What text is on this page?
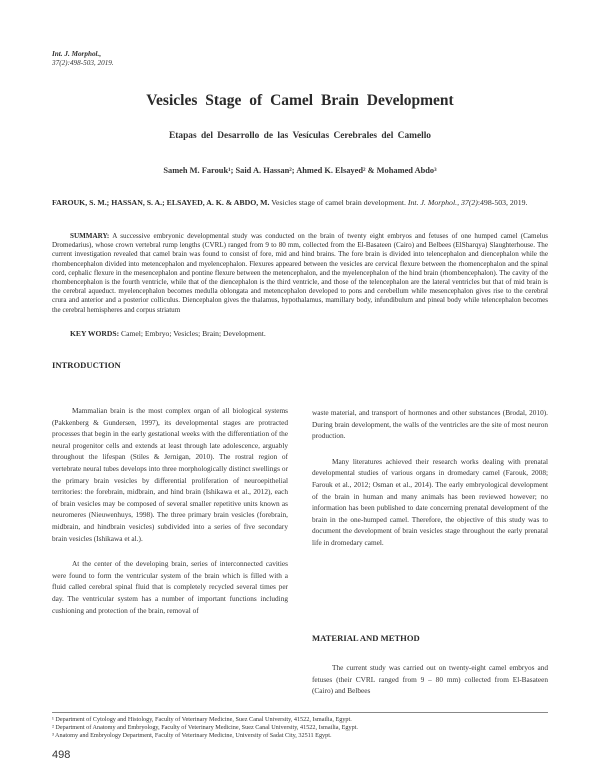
Int. J. Morphol.,
37(2):498-503, 2019.
Vesicles Stage of Camel Brain Development
Etapas del Desarrollo de las Vesículas Cerebrales del Camello
Sameh M. Farouk¹; Said A. Hassan²; Ahmed K. Elsayed² & Mohamed Abdo³
FAROUK, S. M.; HASSAN, S. A.; ELSAYED, A. K. & ABDO, M. Vesicles stage of camel brain development. Int. J. Morphol., 37(2):498-503, 2019.
SUMMARY: A successive embryonic developmental study was conducted on the brain of twenty eight embryos and fetuses of one humped camel (Camelus Dromedarius), whose crown vertebral rump lengths (CVRL) ranged from 9 to 80 mm, collected from the El-Basateen (Cairo) and Belbees (ElSharqya) Slaughterhouse. The current investigation revealed that camel brain was found to consist of fore, mid and hind brains. The fore brain is divided into telencephalon and diencephalon while the rhombencephalon divided into metencephalon and myelencephalon. Flexures appeared between the vesicles are cervical flexure between the rhomencephalon and the spinal cord, cephalic flexure in the mesencephalon and pontine flexure between the metencephalon, and the myelencephalon of the hind brain (rhombencephalon). The cavity of the rhombencephalon is the fourth ventricle, while that of the diencephalon is the third ventricle, and those of the telencephalon are the lateral ventricles but that of mid brain is the cerebral aqueduct. myelencephalon becomes medulla oblongata and metencephalon developed to pons and cerebellum while mesencephalon gives rise to the cerebral crura and anterior and a posterior colliculus. Diencephalon gives the thalamus, hypothalamus, mamillary body, infundibulum and pineal body while telencephalon becomes the cerebral hemispheres and corpus striatum
KEY WORDS: Camel; Embryo; Vesicles; Brain; Development.
INTRODUCTION

Mammalian brain is the most complex organ of all biological systems (Pakkenberg & Gundersen, 1997), its developmental stages are protracted processes that begin in the early gestational weeks with the differentiation of the neural progenitor cells and extends at least through late adolescence, arguably throughout the lifespan (Stiles & Jernigan, 2010). The rostral region of vertebrate neural tubes develops into three morphologically distinct swellings or the primary brain vesicles by differential proliferation of neuroepithelial territories: the forebrain, midbrain, and hind brain (Ishikawa et al., 2012), each of brain vesicles may be composed of several smaller repetitive units known as neuromeres (Nieuwenhuys, 1998). The three primary brain vesicles (forebrain, midbrain, and hindbrain vesicles) subdivided into a series of five secondary brain vesicles (Ishikawa et al.).

At the center of the developing brain, series of interconnected cavities were found to form the ventricular system of the brain which is filled with a fluid called cerebral spinal fluid that is completely recycled several times per day. The ventricular system has a number of important functions including cushioning and protection of the brain, removal of

waste material, and transport of hormones and other substances (Brodal, 2010). During brain development, the walls of the ventricles are the site of most neuron production.

Many literatures achieved their research works dealing with prenatal developmental studies of various organs in dromedary camel (Farouk, 2008; Farouk et al., 2012; Osman et al., 2014). The early embryological development of the brain in human and many animals has been reviewed however; no information has been published to date concerning prenatal development of the brain in the one-humped camel. Therefore, the objective of this study was to document the development of brain vesicles stage throughout the early prenatal life in dromedary camel.

MATERIAL AND METHOD

The current study was carried out on twenty-eight camel embryos and fetuses (their CVRL ranged from 9 – 80 mm) collected from El-Basateen (Cairo) and Belbees

¹ Department of Cytology and Histology, Faculty of Veterinary Medicine, Suez Canal University, 41522, Ismailia, Egypt.
² Department of Anatomy and Embryology, Faculty of Veterinary Medicine, Suez Canal University, 41522, Ismailia, Egypt.
³ Anatomy and Embryology Department, Faculty of Veterinary Medicine, University of Sadat City, 32511 Egypt.
498
